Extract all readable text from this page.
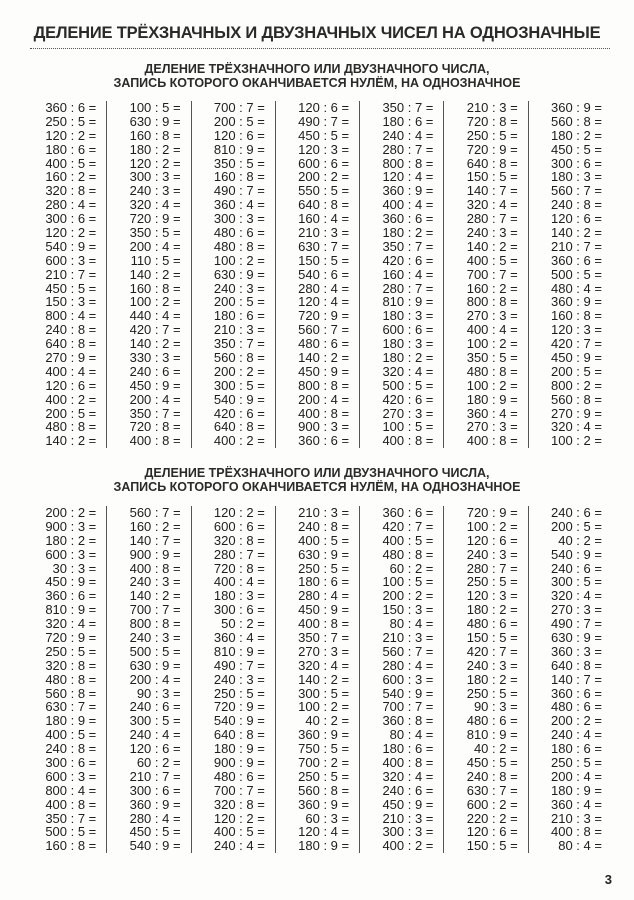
ДЕЛЕНИЕ ТРЁХЗНАЧНЫХ И ДВУЗНАЧНЫХ ЧИСЕЛ НА ОДНОЗНАЧНЫЕ
ДЕЛЕНИЕ ТРЁХЗНАЧНОГО ИЛИ ДВУЗНАЧНОГО ЧИСЛА,
ЗАПИСЬ КОТОРОГО ОКАНЧИВАЕТСЯ НУЛЁМ, НА ОДНОЗНАЧНОЕ
360 : 6 =
250 : 5 =
120 : 2 =
180 : 6 =
400 : 5 =
160 : 2 =
320 : 8 =
280 : 4 =
300 : 6 =
120 : 2 =
540 : 9 =
600 : 3 =
210 : 7 =
450 : 5 =
150 : 3 =
800 : 4 =
240 : 8 =
640 : 8 =
270 : 9 =
400 : 4 =
120 : 6 =
400 : 2 =
200 : 5 =
480 : 8 =
140 : 2 =
100 : 5 =
630 : 9 =
160 : 8 =
180 : 2 =
120 : 2 =
300 : 3 =
240 : 3 =
320 : 4 =
720 : 9 =
350 : 5 =
200 : 4 =
110 : 5 =
140 : 2 =
160 : 8 =
100 : 2 =
440 : 4 =
420 : 7 =
140 : 2 =
330 : 3 =
240 : 6 =
450 : 9 =
200 : 4 =
350 : 7 =
720 : 8 =
400 : 8 =
700 : 7 =
200 : 5 =
120 : 6 =
810 : 9 =
350 : 5 =
160 : 8 =
490 : 7 =
360 : 4 =
300 : 3 =
480 : 6 =
480 : 8 =
100 : 2 =
630 : 9 =
240 : 3 =
200 : 5 =
180 : 6 =
210 : 3 =
350 : 7 =
560 : 8 =
200 : 2 =
300 : 5 =
540 : 9 =
420 : 6 =
640 : 8 =
400 : 2 =
120 : 6 =
490 : 7 =
450 : 5 =
120 : 3 =
600 : 6 =
200 : 2 =
550 : 5 =
640 : 8 =
160 : 4 =
210 : 3 =
630 : 7 =
150 : 5 =
540 : 6 =
280 : 4 =
120 : 4 =
720 : 9 =
560 : 7 =
480 : 6 =
140 : 2 =
450 : 9 =
800 : 8 =
200 : 4 =
400 : 8 =
900 : 3 =
360 : 6 =
350 : 7 =
180 : 6 =
240 : 4 =
280 : 7 =
800 : 8 =
120 : 4 =
360 : 9 =
400 : 4 =
360 : 6 =
180 : 2 =
350 : 7 =
420 : 6 =
160 : 4 =
280 : 7 =
810 : 9 =
180 : 3 =
600 : 6 =
180 : 3 =
180 : 2 =
320 : 4 =
500 : 5 =
420 : 6 =
270 : 3 =
100 : 5 =
400 : 8 =
210 : 3 =
720 : 8 =
250 : 5 =
720 : 9 =
640 : 8 =
150 : 5 =
140 : 7 =
320 : 4 =
280 : 7 =
240 : 3 =
140 : 2 =
400 : 5 =
700 : 7 =
160 : 2 =
800 : 8 =
270 : 3 =
400 : 4 =
100 : 2 =
350 : 5 =
480 : 8 =
100 : 2 =
180 : 9 =
360 : 4 =
270 : 3 =
400 : 8 =
360 : 9 =
560 : 8 =
180 : 2 =
450 : 5 =
300 : 6 =
180 : 3 =
560 : 7 =
240 : 8 =
120 : 6 =
140 : 2 =
210 : 7 =
360 : 6 =
500 : 5 =
480 : 4 =
360 : 9 =
160 : 8 =
120 : 3 =
420 : 7 =
450 : 9 =
200 : 5 =
800 : 2 =
560 : 8 =
270 : 9 =
320 : 4 =
100 : 2 =
ДЕЛЕНИЕ ТРЁХЗНАЧНОГО ИЛИ ДВУЗНАЧНОГО ЧИСЛА,
ЗАПИСЬ КОТОРОГО ОКАНЧИВАЕТСЯ НУЛЁМ, НА ОДНОЗНАЧНОЕ
200 : 2 =
900 : 3 =
180 : 2 =
600 : 3 =
30 : 3 =
450 : 9 =
360 : 6 =
810 : 9 =
320 : 4 =
720 : 9 =
250 : 5 =
320 : 8 =
480 : 8 =
560 : 8 =
630 : 7 =
180 : 9 =
400 : 5 =
240 : 8 =
300 : 6 =
600 : 3 =
800 : 4 =
400 : 8 =
350 : 7 =
500 : 5 =
160 : 8 =
560 : 7 =
160 : 2 =
140 : 7 =
900 : 9 =
400 : 8 =
240 : 3 =
140 : 2 =
700 : 7 =
800 : 8 =
240 : 3 =
500 : 5 =
630 : 9 =
200 : 4 =
90 : 3 =
240 : 6 =
300 : 5 =
240 : 4 =
120 : 6 =
60 : 2 =
210 : 7 =
300 : 6 =
360 : 9 =
280 : 4 =
450 : 5 =
540 : 9 =
120 : 2 =
600 : 6 =
320 : 8 =
280 : 7 =
720 : 8 =
400 : 4 =
180 : 3 =
300 : 6 =
50 : 2 =
360 : 4 =
810 : 9 =
490 : 7 =
240 : 3 =
250 : 5 =
720 : 9 =
540 : 9 =
640 : 8 =
180 : 9 =
900 : 9 =
480 : 6 =
700 : 7 =
320 : 8 =
120 : 2 =
400 : 5 =
240 : 4 =
210 : 3 =
240 : 8 =
400 : 5 =
630 : 9 =
250 : 5 =
180 : 6 =
280 : 4 =
450 : 9 =
400 : 8 =
350 : 7 =
270 : 3 =
320 : 4 =
140 : 2 =
300 : 5 =
100 : 2 =
40 : 2 =
360 : 9 =
750 : 5 =
700 : 2 =
250 : 5 =
560 : 8 =
360 : 9 =
60 : 3 =
120 : 4 =
180 : 9 =
360 : 6 =
420 : 7 =
400 : 5 =
480 : 8 =
60 : 2 =
100 : 5 =
200 : 2 =
150 : 3 =
80 : 4 =
210 : 3 =
560 : 7 =
280 : 4 =
600 : 3 =
540 : 9 =
700 : 7 =
360 : 8 =
80 : 4 =
180 : 6 =
400 : 8 =
320 : 4 =
240 : 6 =
450 : 9 =
210 : 3 =
300 : 3 =
400 : 2 =
720 : 9 =
100 : 2 =
120 : 6 =
240 : 3 =
280 : 7 =
250 : 5 =
120 : 3 =
180 : 2 =
480 : 6 =
150 : 5 =
420 : 7 =
240 : 3 =
180 : 2 =
250 : 5 =
90 : 3 =
480 : 6 =
810 : 9 =
40 : 2 =
450 : 5 =
240 : 8 =
630 : 7 =
600 : 2 =
220 : 2 =
120 : 6 =
150 : 5 =
240 : 6 =
200 : 5 =
40 : 2 =
540 : 9 =
240 : 6 =
300 : 5 =
320 : 4 =
270 : 3 =
490 : 7 =
630 : 9 =
360 : 3 =
640 : 8 =
140 : 7 =
360 : 6 =
480 : 6 =
200 : 2 =
240 : 4 =
180 : 6 =
250 : 5 =
200 : 4 =
180 : 9 =
360 : 4 =
210 : 3 =
400 : 8 =
80 : 4 =
3
